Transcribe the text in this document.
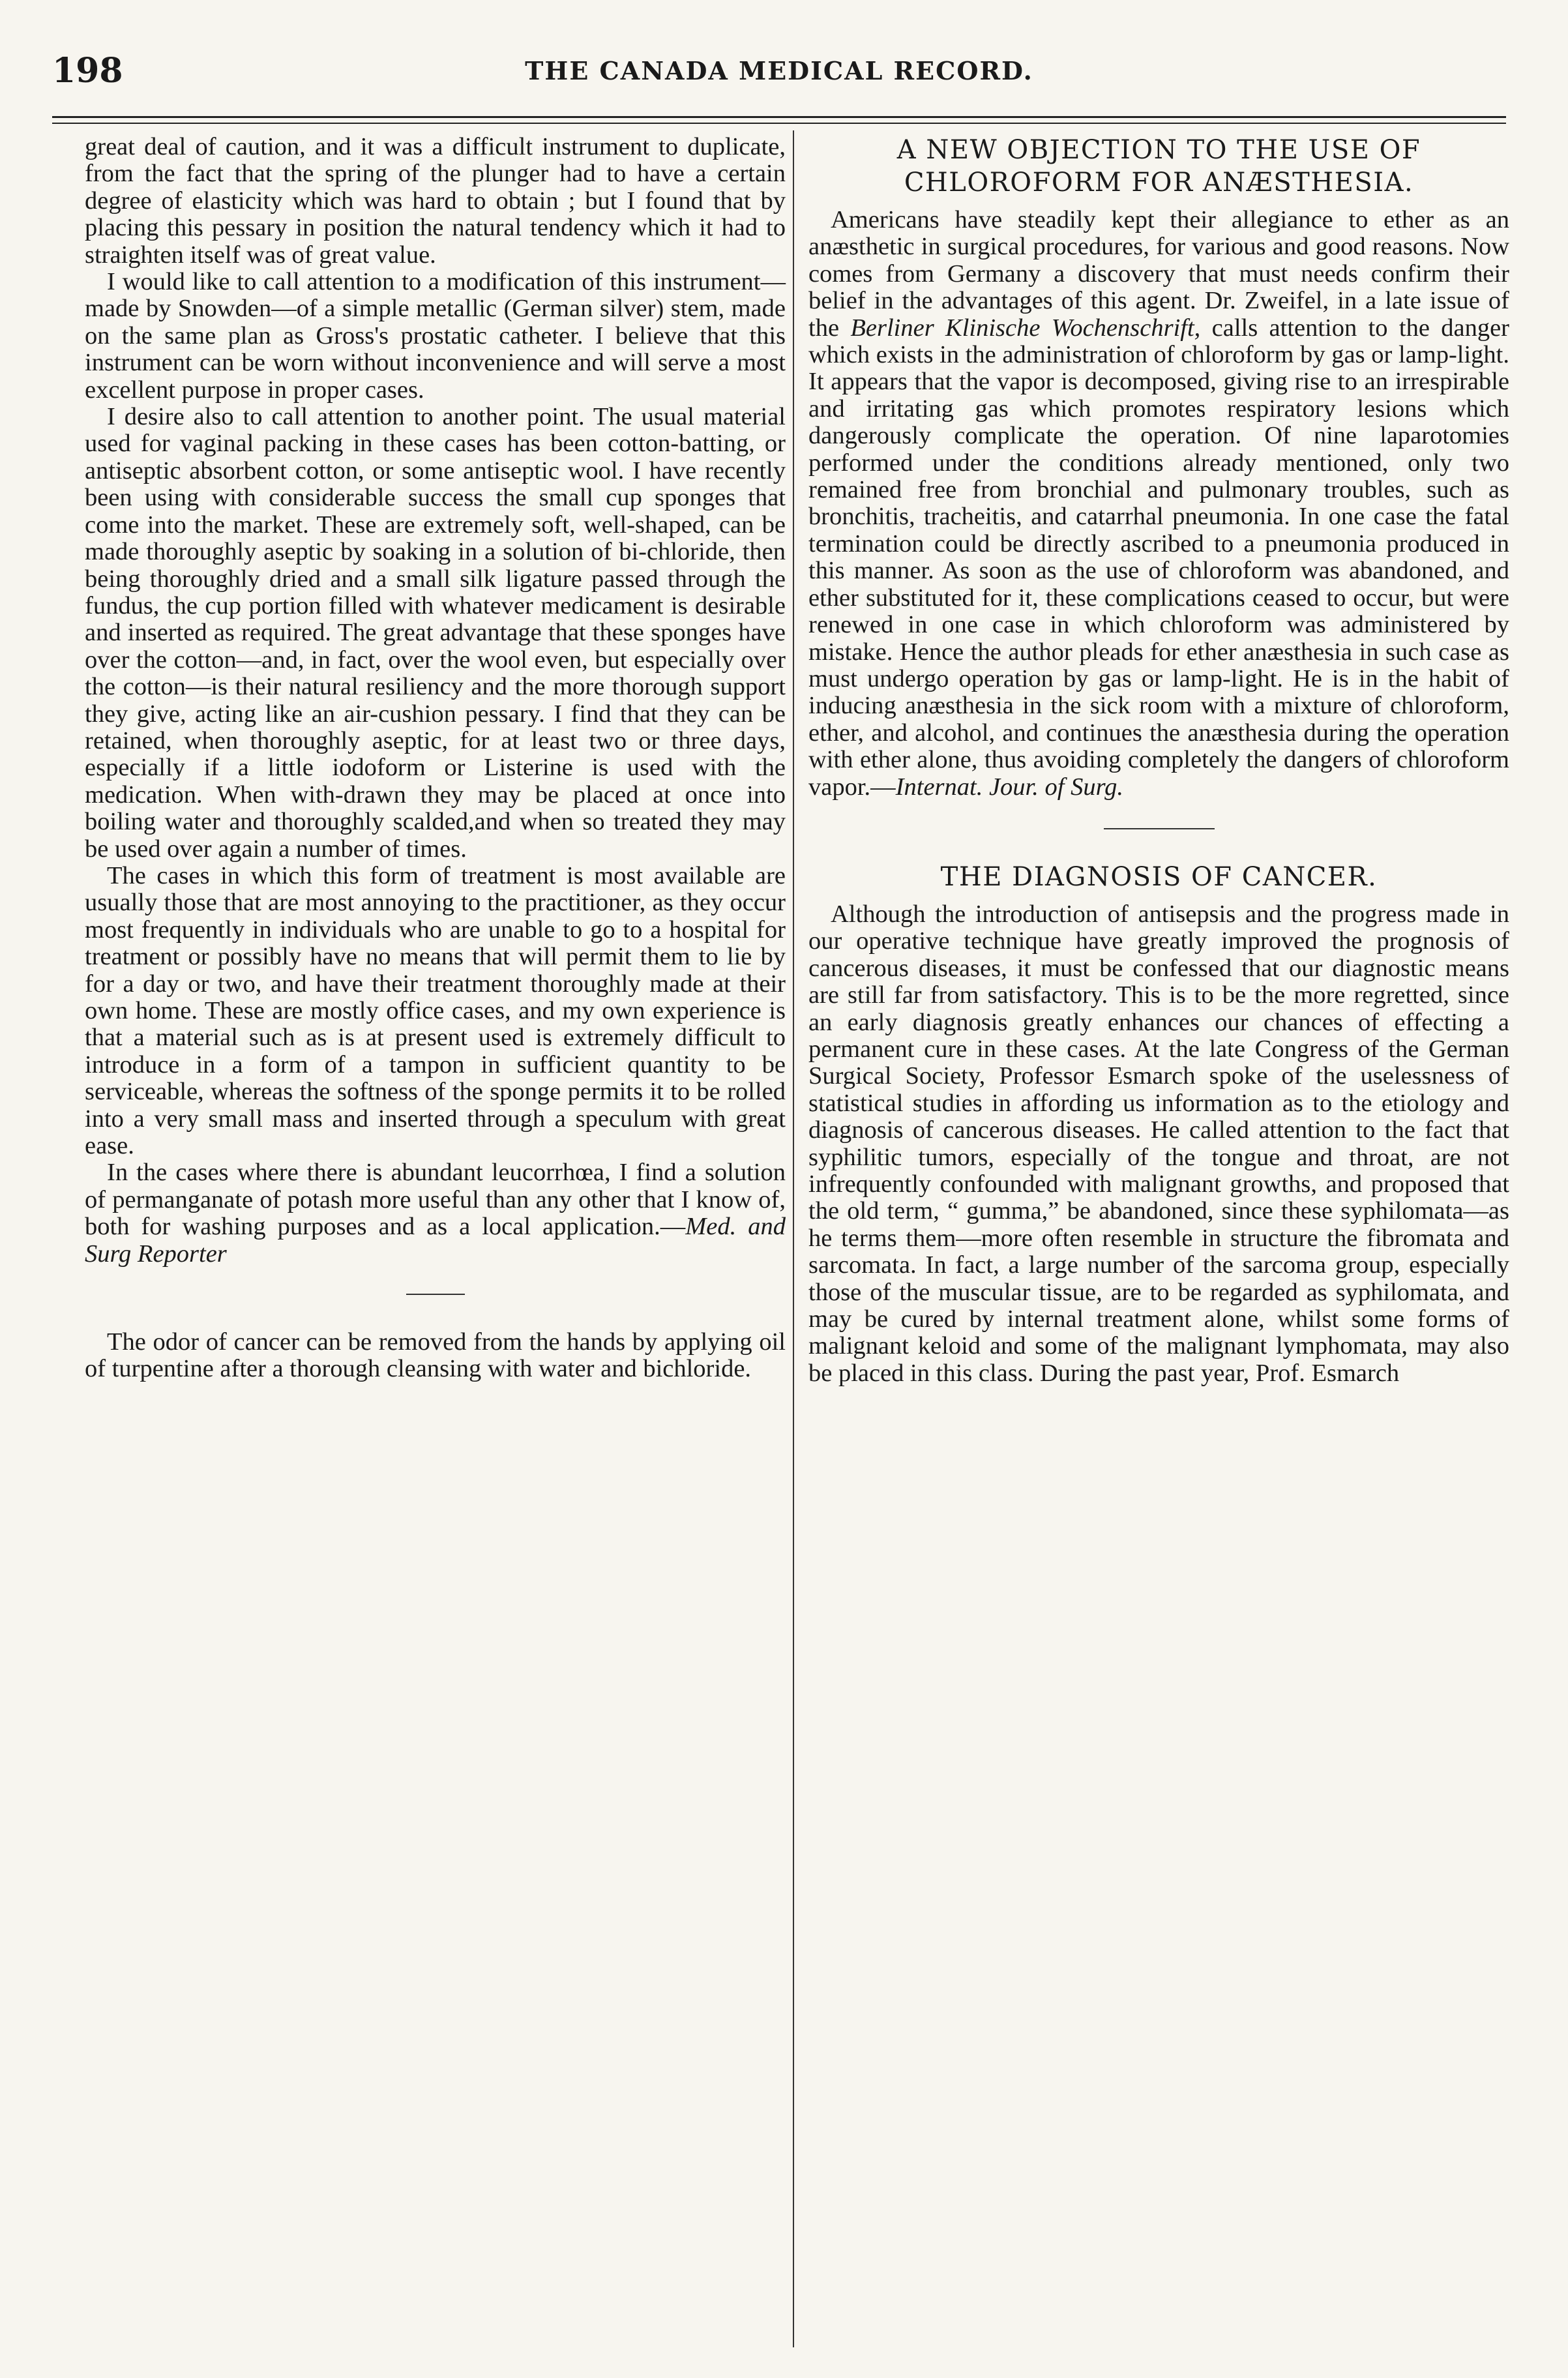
198	THE CANADA MEDICAL RECORD.

great deal of caution, and it was a difficult instrument to duplicate, from the fact that the spring of the plunger had to have a certain degree of elasticity which was hard to obtain ; but I found that by placing this pessary in position the natural tendency which it had to straighten itself was of great value.

I would like to call attention to a modification of this instrument—made by Snowden—of a simple metallic (German silver) stem, made on the same plan as Gross's prostatic catheter. I believe that this instrument can be worn without inconvenience and will serve a most excellent purpose in proper cases.

I desire also to call attention to another point. The usual material used for vaginal packing in these cases has been cotton-batting, or antiseptic absorbent cotton, or some antiseptic wool. I have recently been using with considerable success the small cup sponges that come into the market. These are extremely soft, well-shaped, can be made thoroughly aseptic by soaking in a solution of bi-chloride, then being thoroughly dried and a small silk ligature passed through the fundus, the cup portion filled with whatever medicament is desirable and inserted as required. The great advantage that these sponges have over the cotton—and, in fact, over the wool even, but especially over the cotton—is their natural resiliency and the more thorough support they give, acting like an air-cushion pessary. I find that they can be retained, when thoroughly aseptic, for at least two or three days, especially if a little iodoform or Listerine is used with the medication. When with-drawn they may be placed at once into boiling water and thoroughly scalded,and when so treated they may be used over again a number of times.

The cases in which this form of treatment is most available are usually those that are most annoying to the practitioner, as they occur most frequently in individuals who are unable to go to a hospital for treatment or possibly have no means that will permit them to lie by for a day or two, and have their treatment thoroughly made at their own home. These are mostly office cases, and my own experience is that a material such as is at present used is extremely difficult to introduce in a form of a tampon in sufficient quantity to be serviceable, whereas the softness of the sponge permits it to be rolled into a very small mass and inserted through a speculum with great ease.

In the cases where there is abundant leucorrhœa, I find a solution of permanganate of potash more useful than any other that I know of, both for washing purposes and as a local application.—Med. and Surg Reporter

The odor of cancer can be removed from the hands by applying oil of turpentine after a thorough cleansing with water and bichloride.

A NEW OBJECTION TO THE USE OF CHLOROFORM FOR ANÆSTHESIA.

Americans have steadily kept their allegiance to ether as an anæsthetic in surgical procedures, for various and good reasons. Now comes from Germany a discovery that must needs confirm their belief in the advantages of this agent. Dr. Zweifel, in a late issue of the Berliner Klinische Wochenschrift, calls attention to the danger which exists in the administration of chloroform by gas or lamp-light. It appears that the vapor is decomposed, giving rise to an irrespirable and irritating gas which promotes respiratory lesions which dangerously complicate the operation. Of nine laparotomies performed under the conditions already mentioned, only two remained free from bronchial and pulmonary troubles, such as bronchitis, tracheitis, and catarrhal pneumonia. In one case the fatal termination could be directly ascribed to a pneumonia produced in this manner. As soon as the use of chloroform was abandoned, and ether substituted for it, these complications ceased to occur, but were renewed in one case in which chloroform was administered by mistake. Hence the author pleads for ether anæsthesia in such case as must undergo operation by gas or lamp-light. He is in the habit of inducing anæsthesia in the sick room with a mixture of chloroform, ether, and alcohol, and continues the anæsthesia during the operation with ether alone, thus avoiding completely the dangers of chloroform vapor.—Internat. Jour. of Surg.

THE DIAGNOSIS OF CANCER.

Although the introduction of antisepsis and the progress made in our operative technique have greatly improved the prognosis of cancerous diseases, it must be confessed that our diagnostic means are still far from satisfactory. This is to be the more regretted, since an early diagnosis greatly enhances our chances of effecting a permanent cure in these cases. At the late Congress of the German Surgical Society, Professor Esmarch spoke of the uselessness of statistical studies in affording us information as to the etiology and diagnosis of cancerous diseases. He called attention to the fact that syphilitic tumors, especially of the tongue and throat, are not infrequently confounded with malignant growths, and proposed that the old term, “ gumma,” be abandoned, since these syphilomata—as he terms them—more often resemble in structure the fibromata and sarcomata. In fact, a large number of the sarcoma group, especially those of the muscular tissue, are to be regarded as syphilomata, and may be cured by internal treatment alone, whilst some forms of malignant keloid and some of the malignant lymphomata, may also be placed in this class. During the past year, Prof. Esmarch
